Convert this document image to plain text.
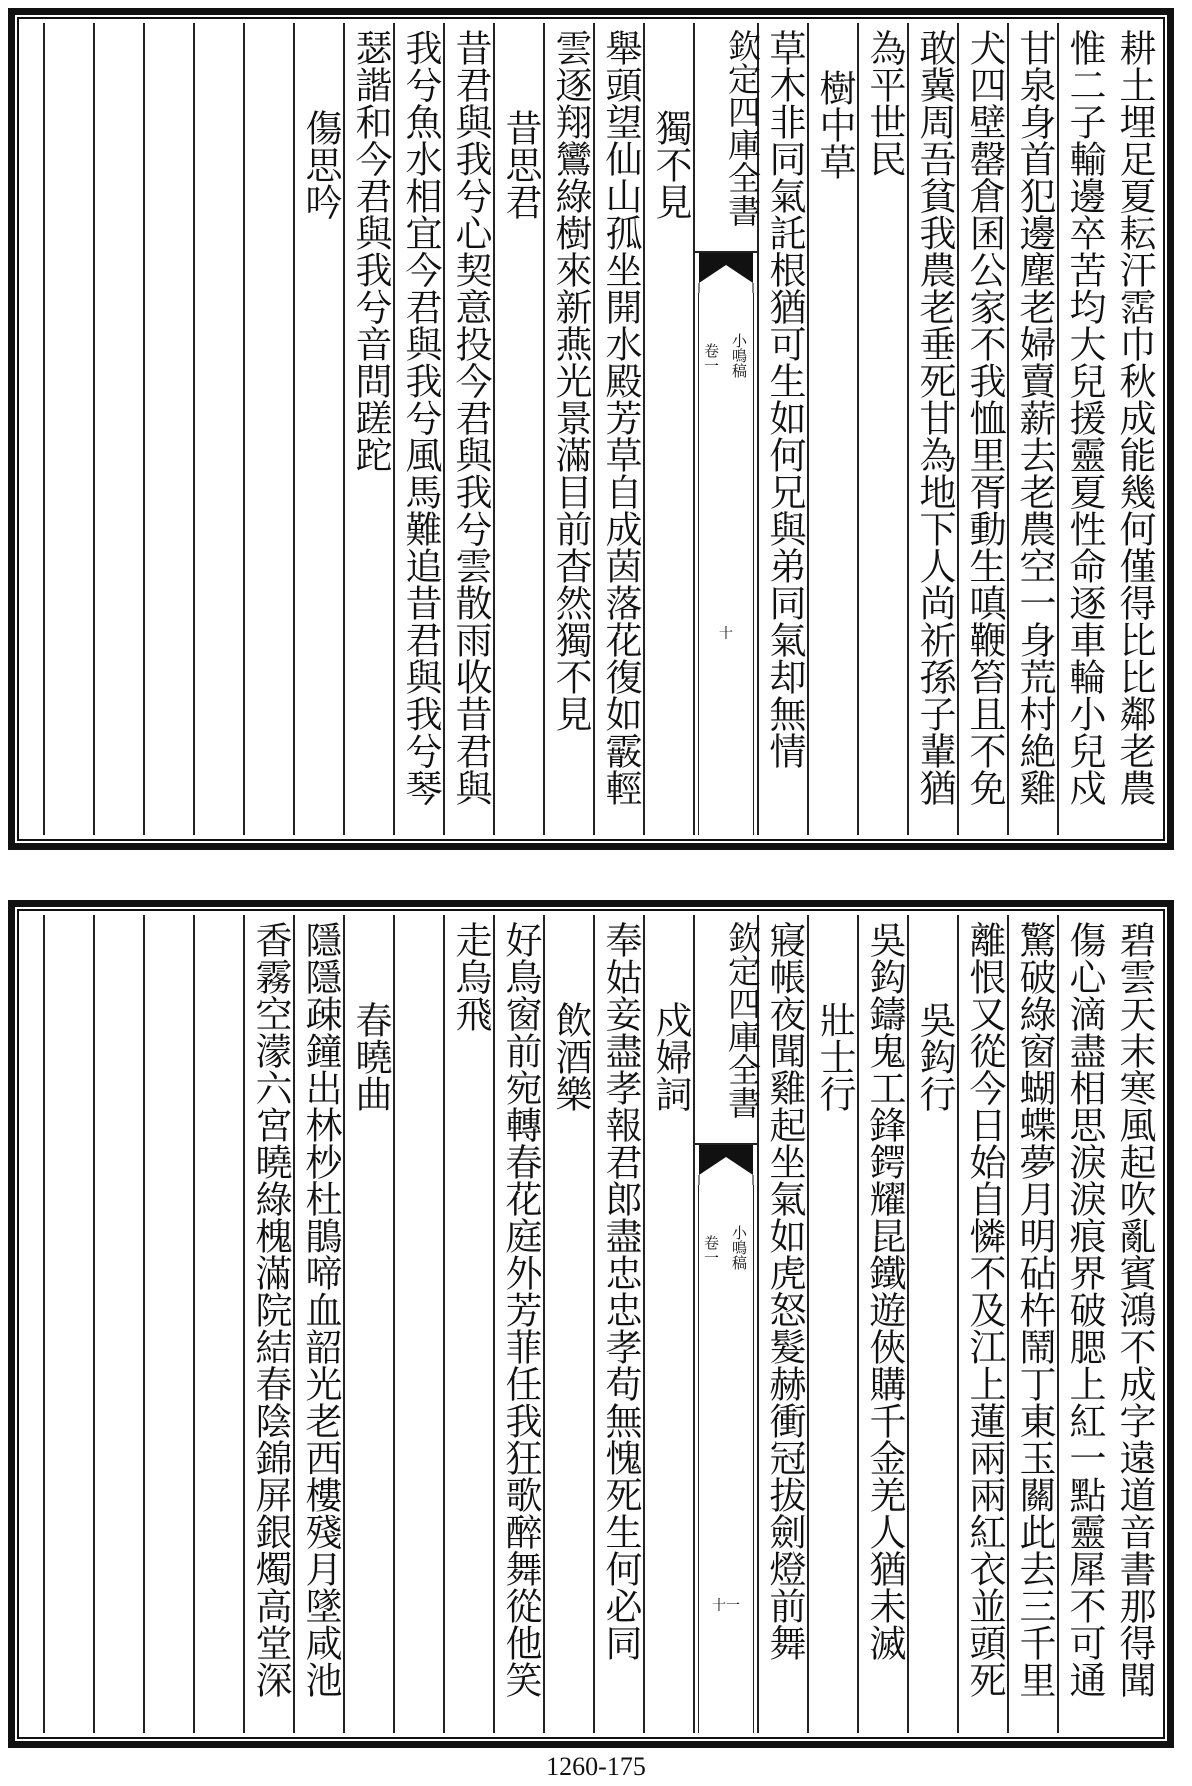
耕土埋足夏耘汗霑巾秋成能幾何僅得比比鄰老農
惟二子輸邊卒苦均大兒援靈夏性命逐車輪小兒戍
甘泉身首犯邊塵老婦賣薪去老農空一身荒村絶雞
犬四壁罄倉囷公家不我恤里胥動生嗔鞭笞且不免
敢冀周吾貧我農老垂死甘為地下人尚祈孫子輩猶
為平世民
樹中草
草木非同氣託根猶可生如何兄與弟同氣却無情
欽定四庫全書
小鳴稿
卷一
十
獨不見
舉頭望仙山孤坐開水殿芳草自成茵落花復如霰輕
雲逐翔鸞綠樹來新燕光景滿目前杳然獨不見
昔思君
昔君與我兮心契意投今君與我兮雲散雨收昔君與
我兮魚水相宜今君與我兮風馬難追昔君與我兮琴
瑟諧和今君與我兮音問蹉跎
傷思吟
碧雲天末寒風起吹亂賓鴻不成字遠道音書那得聞
傷心滴盡相思淚淚痕界破腮上紅一點靈犀不可通
驚破綠窗蝴蝶夢月明砧杵鬧丁東玉關此去三千里
離恨又從今日始自憐不及江上蓮兩兩紅衣並頭死
吳鈎行
吳鈎鑄鬼工鋒鍔耀昆鐵遊俠購千金羌人猶未滅
壯士行
寢帳夜聞雞起坐氣如虎怒髮赫衝冠拔劍燈前舞
欽定四庫全書
小鳴稿
卷一
十一
戍婦詞
奉姑妾盡孝報君郎盡忠忠孝苟無愧死生何必同
飲酒樂
好鳥窗前宛轉春花庭外芳菲任我狂歌醉舞從他笑
走烏飛
春曉曲
隱隱疎鐘出林杪杜鵑啼血韶光老西樓殘月墜咸池
香霧空濛六宮曉綠槐滿院結春陰錦屏銀燭高堂深
1260-175
